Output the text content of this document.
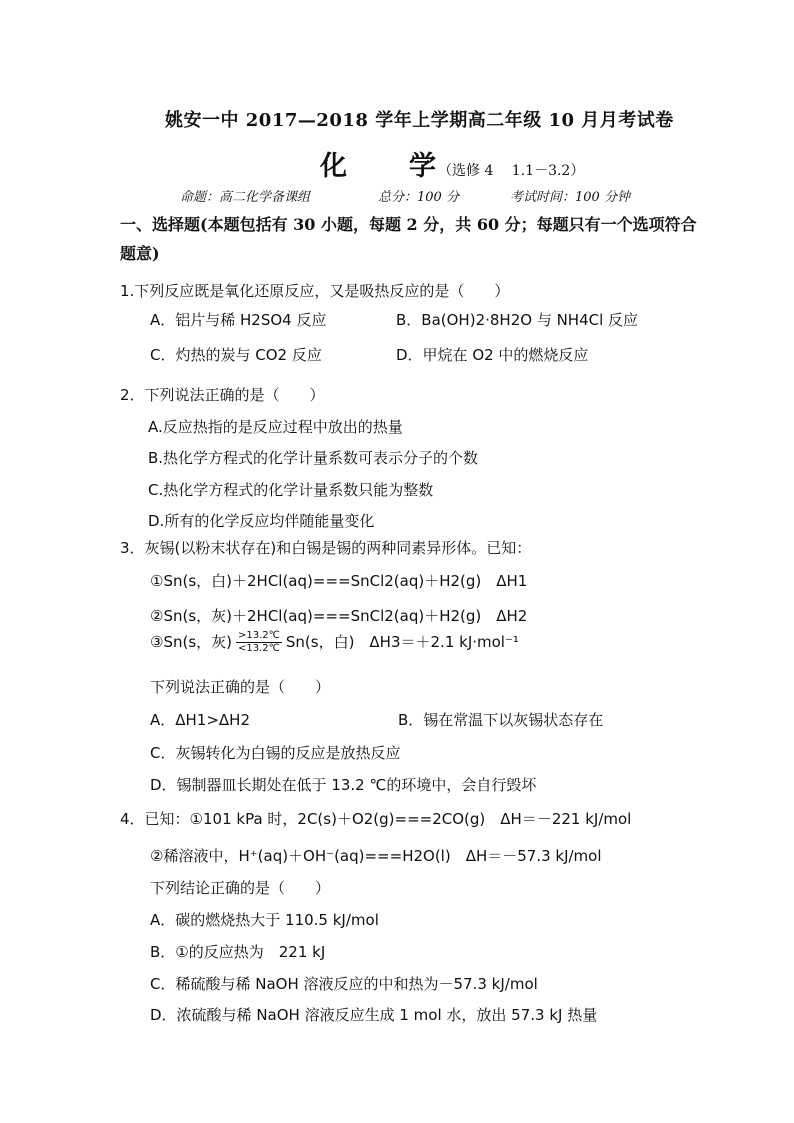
姚安一中 2017—2018 学年上学期高二年级 10 月月考试卷
化 学 （选修 4　 1.1－3.2）
命题：高二化学备课组	总分：100 分	考试时间：100 分钟
一、选择题(本题包括有 30 小题，每题 2 分，共 60 分；每题只有一个选项符合
题意)
1.下列反应既是氧化还原反应，又是吸热反应的是（　　）
A．铝片与稀 H2SO4 反应	B．Ba(OH)2·8H2O 与 NH4Cl 反应
C．灼热的炭与 CO2 反应	D．甲烷在 O2 中的燃烧反应
2．下列说法正确的是（　　）
A.反应热指的是反应过程中放出的热量
B.热化学方程式的化学计量系数可表示分子的个数
C.热化学方程式的化学计量系数只能为整数
D.所有的化学反应均伴随能量变化
3．灰锡(以粉末状存在)和白锡是锡的两种同素异形体。已知：
①Sn(s，白)＋2HCl(aq)===SnCl2(aq)＋H2(g)　ΔH1
②Sn(s，灰)＋2HCl(aq)===SnCl2(aq)＋H2(g)　ΔH2
③Sn(s，灰) $\frac{>13.2℃}{<13.2℃} Sn(s$，白)　ΔH3＝＋2.1 kJ·mol⁻¹
下列说法正确的是（　　）
A．ΔH1>ΔH2	B．锡在常温下以灰锡状态存在
C．灰锡转化为白锡的反应是放热反应
D．锡制器皿长期处在低于 13.2 ℃的环境中，会自行毁坏
4．已知：①101 kPa 时，2C(s)＋O2(g)===2CO(g)　ΔH＝－221 kJ/mol
②稀溶液中，H⁺(aq)＋OH⁻(aq)===H2O(l)　ΔH＝－57.3 kJ/mol
下列结论正确的是（　　）
A．碳的燃烧热大于 110.5 kJ/mol
B．①的反应热为　221 kJ
C．稀硫酸与稀 NaOH 溶液反应的中和热为－57.3 kJ/mol
D．浓硫酸与稀 NaOH 溶液反应生成 1 mol 水，放出 57.3 kJ 热量
